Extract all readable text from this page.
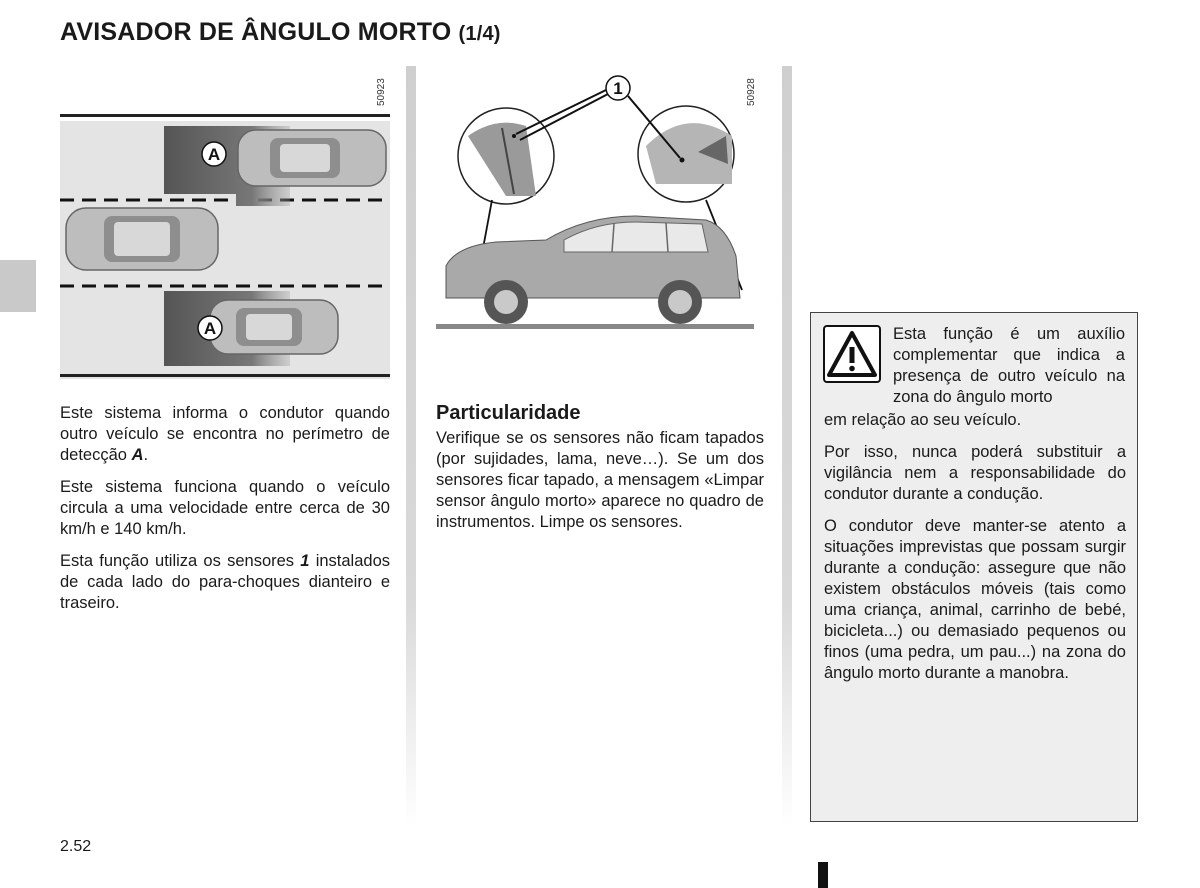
AVISADOR DE ÂNGULO MORTO (1/4)
A
A
50923	1	50928

Este sistema informa o condutor quando outro veículo se encontra no perímetro de detecção A.

Este sistema funciona quando o veículo circula a uma velocidade entre cerca de 30 km/h e 140 km/h.

Esta função utiliza os sensores 1 instalados de cada lado do para-choques dianteiro e traseiro.

Particularidade

Verifique se os sensores não ficam tapados (por sujidades, lama, neve…). Se um dos sensores ficar tapado, a mensagem «Limpar sensor ângulo morto» aparece no quadro de instrumentos. Limpe os sensores.

Esta função é um auxílio complementar que indica a presença de outro veículo na zona do ângulo morto

em relação ao seu veículo.

Por isso, nunca poderá substituir a vigilância nem a responsabilidade do condutor durante a condução.

O condutor deve manter-se atento a situações imprevistas que possam surgir durante a condução: assegure que não existem obstáculos móveis (tais como uma criança, animal, carrinho de bebé, bicicleta...) ou demasiado pequenos ou finos (uma pedra, um pau...) na zona do ângulo morto durante a manobra.

2.52
